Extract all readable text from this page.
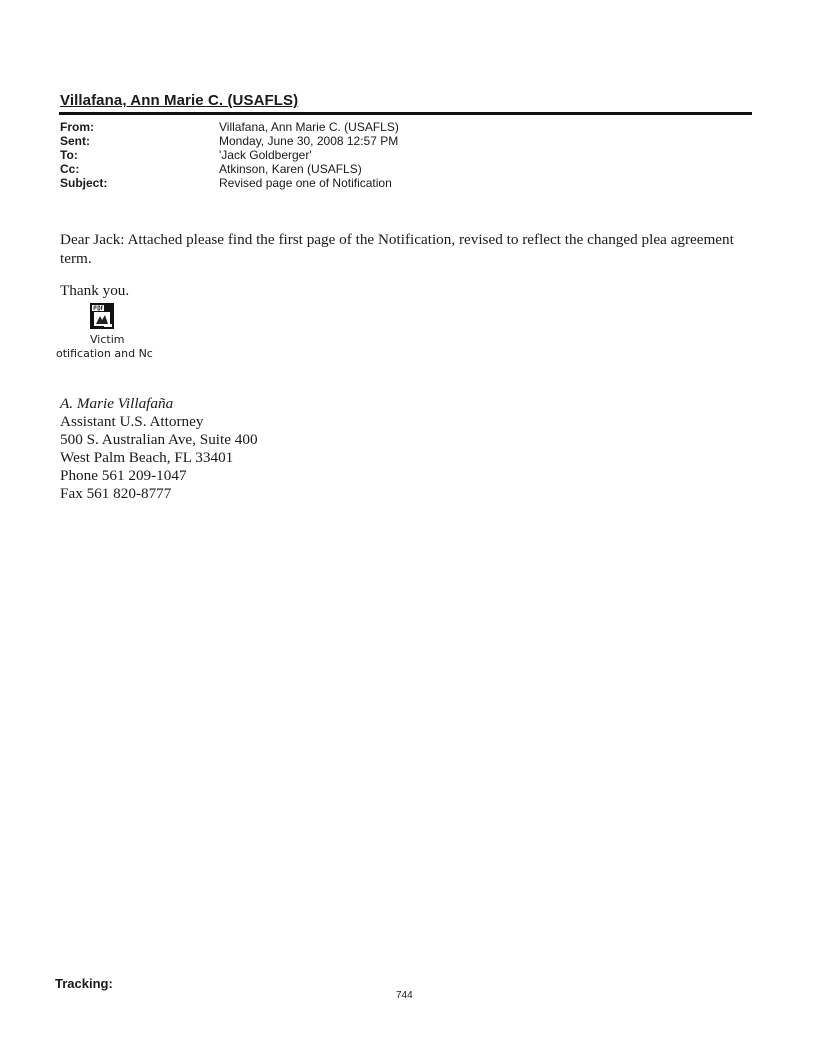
Villafana, Ann Marie C. (USAFLS)
From:	Villafana, Ann Marie C. (USAFLS)
Sent:	Monday, June 30, 2008 12:57 PM
To:	'Jack Goldberger'
Cc:	Atkinson, Karen (USAFLS)
Subject:	Revised page one of Notification
Dear Jack: Attached please find the first page of the Notification, revised to reflect the changed plea agreement term.
Thank you.
Victim
otification and Nc
A. Marie Villafaña
Assistant U.S. Attorney
500 S. Australian Ave, Suite 400
West Palm Beach, FL 33401
Phone 561 209-1047
Fax 561 820-8777
Tracking:
744
